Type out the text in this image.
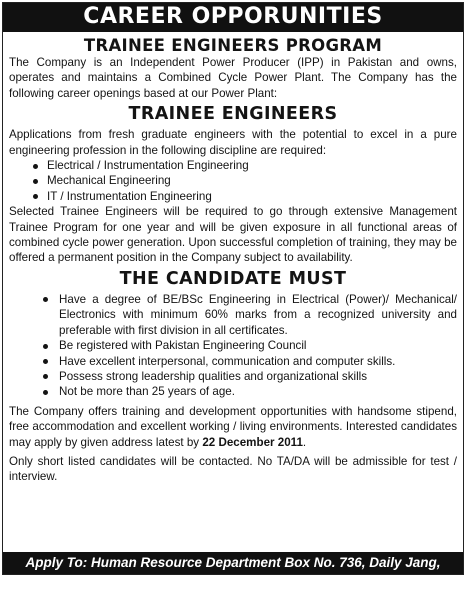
CAREER OPPORUNITIES
TRAINEE ENGINEERS PROGRAM

The Company is an Independent Power Producer (IPP) in Pakistan and owns, operates and maintains a Combined Cycle Power Plant. The Company has the following career openings based at our Power Plant:

TRAINEE ENGINEERS

Applications from fresh graduate engineers with the potential to excel in a pure engineering profession in the following discipline are required:

Electrical / Instrumentation Engineering
Mechanical Engineering
IT / Instrumentation Engineering

Selected Trainee Engineers will be required to go through extensive Management Trainee Program for one year and will be given exposure in all functional areas of combined cycle power generation. Upon successful completion of training, they may be offered a permanent position in the Company subject to availability.

THE CANDIDATE MUST
Have a degree of BE/BSc Engineering in Electrical (Power)/ Mechanical/ Electronics with minimum 60% marks from a recognized university and preferable with first division in all certificates.
Be registered with Pakistan Engineering Council
Have excellent interpersonal, communication and computer skills.
Possess strong leadership qualities and organizational skills
Not be more than 25 years of age.

The Company offers training and development opportunities with handsome stipend, free accommodation and excellent working / living environments. Interested candidates may apply by given address latest by 22 December 2011.

Only short listed candidates will be contacted. No TA/DA will be admissible for test / interview.

Apply To: Human Resource Department Box No. 736, Daily Jang, Rawalpindi
